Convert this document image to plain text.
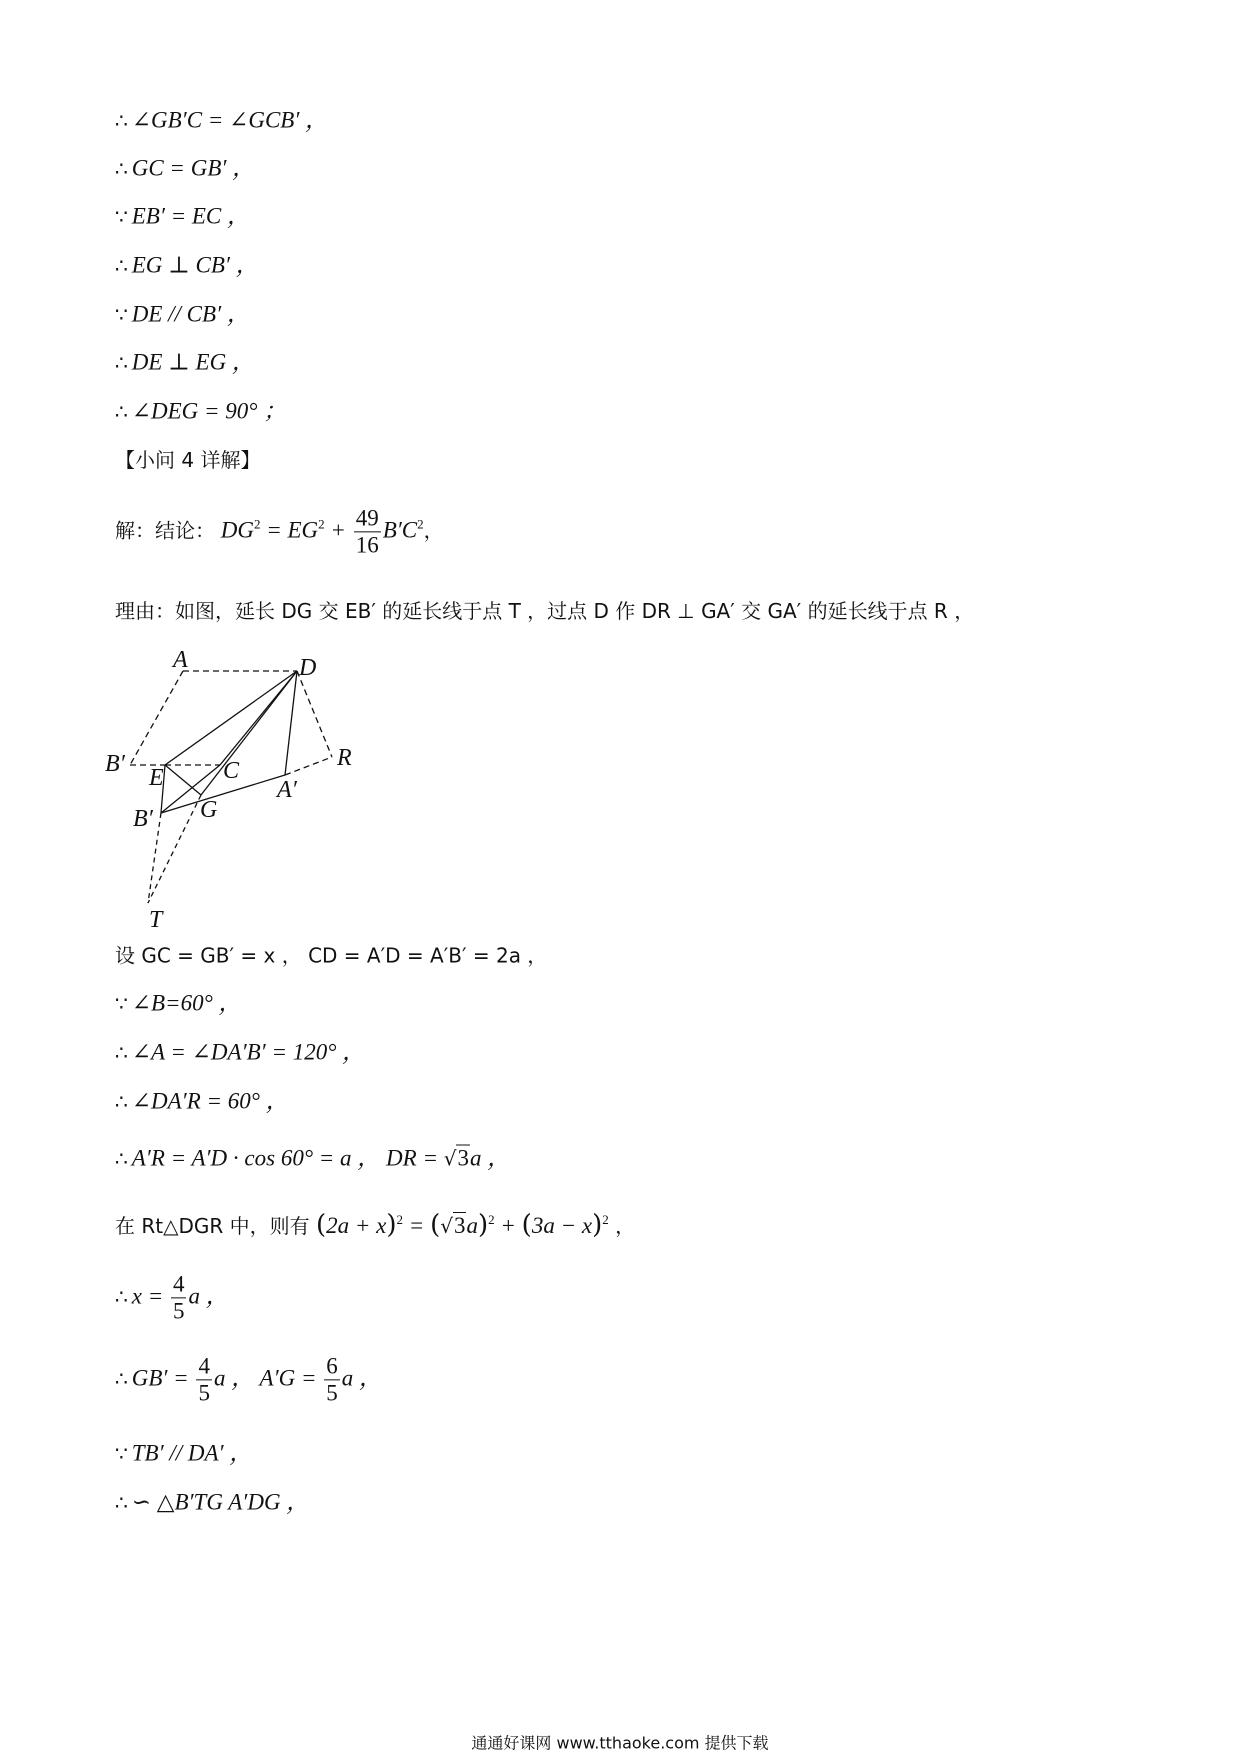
∴ ∠GB′C = ∠GCB′ ，
∴ GC = GB′ ，
∵ EB′ = EC ，
∴ EG ⊥ CB′ ，
∵ DE // CB′ ，
∴ DE ⊥ EG ，
∴ ∠DEG = 90° ；
【小问 4 详解】
解：结论： $DG^2 = EG^2 + \frac{49}{16} B'C^2$，
理由：如图，延长 DG 交 EB′ 的延长线于点 T ，过点 D 作 DR ⊥ GA′ 交 GA′ 的延长线于点 R ，
A	D
R
B′
E C
A′
B′ G
T
设 GC = GB′ = x ， CD = A′D = A′B′ = 2a ，
∵ ∠B=60° ，
∴ ∠A = ∠DA′B′ = 120° ，
∴ ∠DA′R = 60° ，
∴ A′R = A′D · cos 60° = a ， DR = √3a ，
在 Rt△DGR 中，则有 $(2a + x)^2 = (√3a)^2 + (3a - x)^2$ ，
∴ $x = \frac{4}{5}$ a ，
∴ $GB' = \frac{4}{5}$ a ， $A'G = \frac{6}{5}$ a ，
∵ TB′ // DA′ ，
∴ ∽ △B′TG A′DG ，
通通好课网 www.tthaoke.com 提供下载
